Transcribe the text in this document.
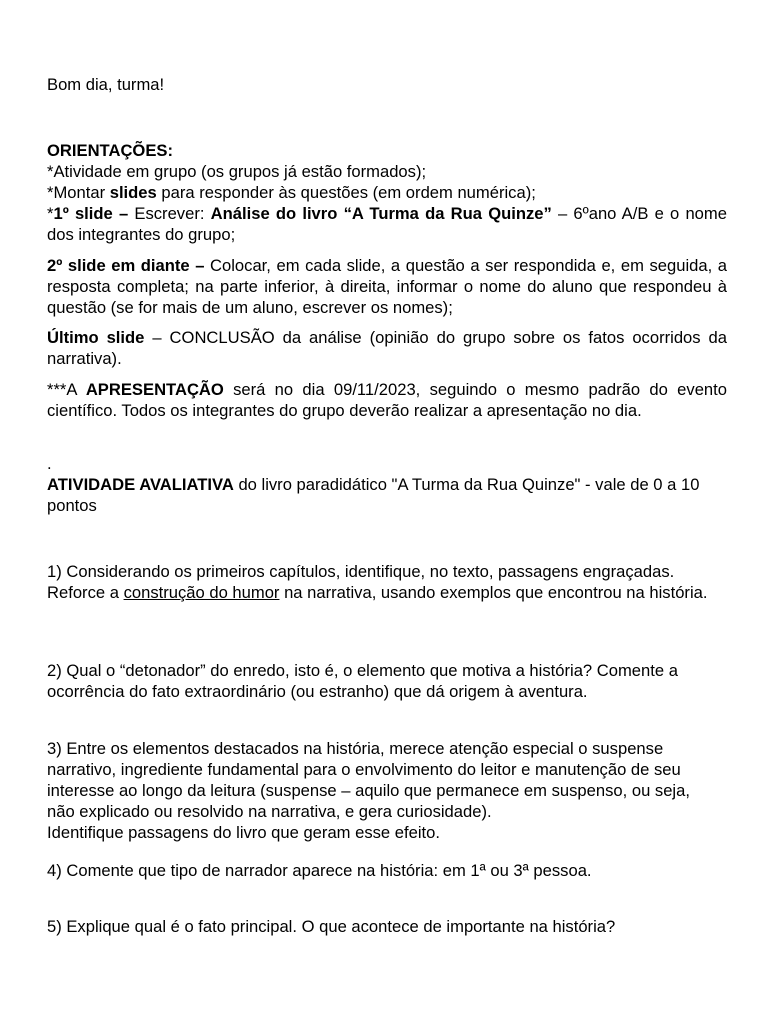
Bom dia, turma!

ORIENTAÇÕES:
*Atividade em grupo (os grupos já estão formados);
*Montar slides para responder às questões (em ordem numérica);
*1º slide – Escrever: Análise do livro “A Turma da Rua Quinze” – 6ºano A/B e o nome dos integrantes do grupo;

2º slide em diante – Colocar, em cada slide, a questão a ser respondida e, em seguida, a resposta completa; na parte inferior, à direita, informar o nome do aluno que respondeu à questão (se for mais de um aluno, escrever os nomes);

Último slide – CONCLUSÃO da análise (opinião do grupo sobre os fatos ocorridos da narrativa).

***A APRESENTAÇÃO será no dia 09/11/2023, seguindo o mesmo padrão do evento científico. Todos os integrantes do grupo deverão realizar a apresentação no dia.

.

ATIVIDADE AVALIATIVA do livro paradidático "A Turma da Rua Quinze" - vale de 0 a 10 pontos

1) Considerando os primeiros capítulos, identifique, no texto, passagens engraçadas. Reforce a construção do humor na narrativa, usando exemplos que encontrou na história.

2) Qual o “detonador” do enredo, isto é, o elemento que motiva a história? Comente a ocorrência do fato extraordinário (ou estranho) que dá origem à aventura.

3) Entre os elementos destacados na história, merece atenção especial o suspense narrativo, ingrediente fundamental para o envolvimento do leitor e manutenção de seu interesse ao longo da leitura (suspense – aquilo que permanece em suspenso, ou seja, não explicado ou resolvido na narrativa, e gera curiosidade).
Identifique passagens do livro que geram esse efeito.

4) Comente que tipo de narrador aparece na história: em 1ª ou 3ª pessoa.

5) Explique qual é o fato principal. O que acontece de importante na história?
